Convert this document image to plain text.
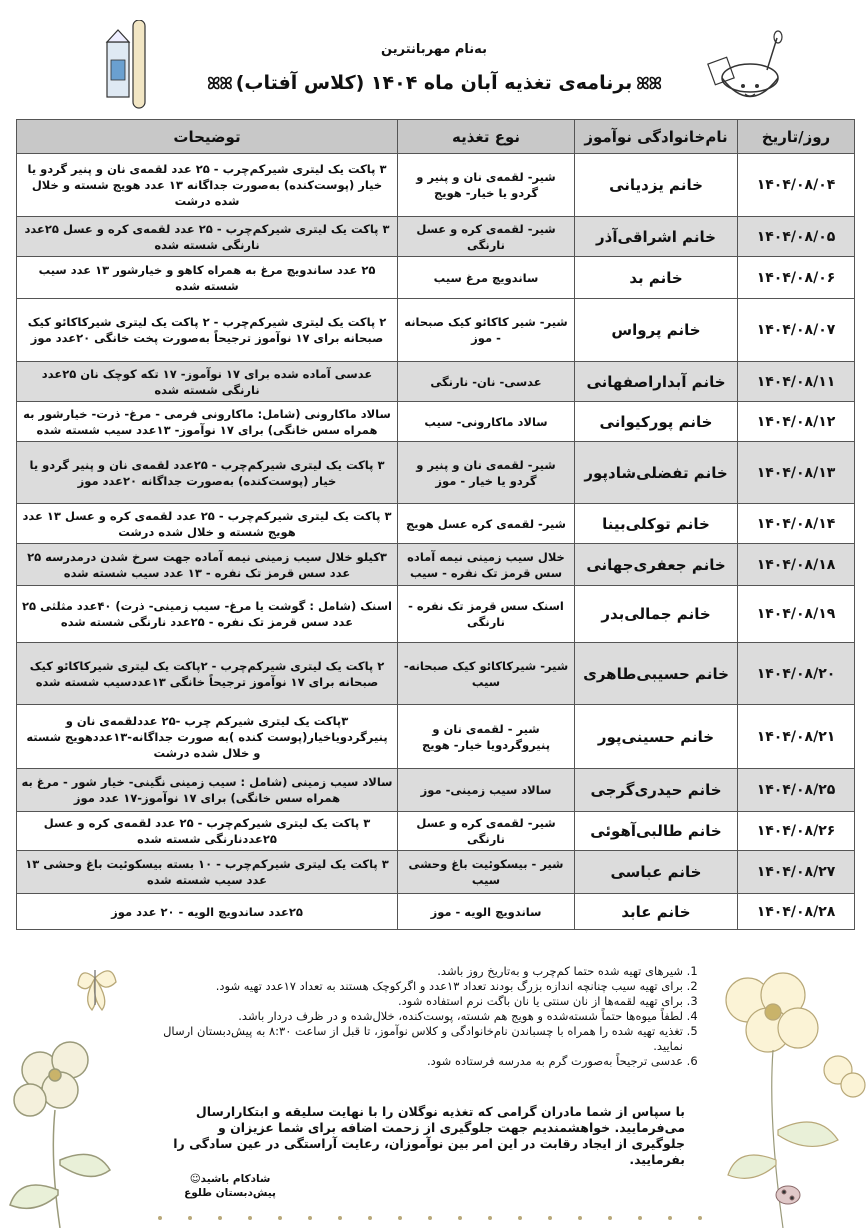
به‌نام مهربانترین
ꕤꕤبرنامه‌ی تغذیه آبان ماه ۱۴۰۴ (کلاس آفتاب)ꕤꕤ
روز/تاریخ	نام‌خانوادگی نوآموز	نوع تغذیه	توضیحات
۱۴۰۴/۰۸/۰۴	خانم یزدیانی	شیر- لقمه‌ی نان و پنیر و گردو یا خیار- هویج	۳ پاکت یک لیتری شیرکم‌چرب - ۲۵ عدد لقمه‌ی نان و پنیر گردو یا خیار (پوست‌کنده) به‌صورت جداگانه ۱۳ عدد هویج شسته و خلال شده درشت
۱۴۰۴/۰۸/۰۵	خانم اشراقی‌آذر	شیر- لقمه‌ی کره و عسل نارنگی	۳ پاکت یک لیتری شیرکم‌چرب - ۲۵ عدد لقمه‌ی کره و عسل ۲۵عدد نارنگی شسته شده
۱۴۰۴/۰۸/۰۶	خانم بد	ساندویچ مرغ سیب	۲۵ عدد ساندویچ مرغ به همراه کاهو و خیارشور ۱۳ عدد سیب شسته شده
۱۴۰۴/۰۸/۰۷	خانم پرواس	شیر- شیر کاکائو کیک صبحانه - موز	۲ پاکت یک لیتری شیرکم‌چرب - ۲ پاکت یک لیتری شیرکاکائو کیک صبحانه برای ۱۷ نوآموز ترجیحاً به‌صورت پخت خانگی ۲۰عدد موز
۱۴۰۴/۰۸/۱۱	خانم آبداراصفهانی	عدسی- نان- نارنگی	عدسی آماده شده برای ۱۷ نوآموز- ۱۷ تکه کوچک نان ۲۵عدد نارنگی شسته شده
۱۴۰۴/۰۸/۱۲	خانم پورکیوانی	سالاد ماکارونی- سیب	سالاد ماکارونی (شامل: ماکارونی فرمی - مرغ- ذرت- خیارشور به همراه سس خانگی) برای ۱۷ نوآموز- ۱۳عدد سیب شسته شده
۱۴۰۴/۰۸/۱۳	خانم تفضلی‌شادپور	شیر- لقمه‌ی نان و پنیر و گردو یا خیار - موز	۳ پاکت یک لیتری شیرکم‌چرب - ۲۵عدد لقمه‌ی نان و پنیر گردو یا خیار (پوست‌کنده) به‌صورت جداگانه ۲۰عدد موز
۱۴۰۴/۰۸/۱۴	خانم توکلی‌بینا	شیر- لقمه‌ی کره عسل هویج	۳ پاکت یک لیتری شیرکم‌چرب - ۲۵ عدد لقمه‌ی کره و عسل ۱۳ عدد هویج شسته و خلال شده درشت
۱۴۰۴/۰۸/۱۸	خانم جعفری‌جهانی	خلال سیب زمینی نیمه آماده سس قرمز تک نفره - سیب	۳کیلو خلال سیب زمینی نیمه آماده جهت سرخ شدن درمدرسه ۲۵ عدد سس قرمز تک نفره - ۱۳ عدد سیب شسته شده
۱۴۰۴/۰۸/۱۹	خانم جمالی‌بدر	اسنک سس قرمز تک نفره - نارنگی	اسنک (شامل : گوشت یا مرغ- سیب زمینی- ذرت) ۴۰عدد مثلثی ۲۵ عدد سس قرمز تک نفره - ۲۵عدد نارنگی شسته شده
۱۴۰۴/۰۸/۲۰	خانم حسیبی‌طاهری	شیر- شیرکاکائو کیک صبحانه- سیب	۲ پاکت یک لیتری شیرکم‌چرب - ۲پاکت یک لیتری شیرکاکائو کیک صبحانه برای ۱۷ نوآموز ترجیحاً خانگی ۱۳عددسیب شسته شده
۱۴۰۴/۰۸/۲۱	خانم حسینی‌پور	شیر - لقمه‌ی نان و پنیروگردویا خیار- هویج	۳پاکت یک لیتری شیرکم چرب -۲۵ عددلقمه‌ی نان و پنیرگردویاخیار(پوست کنده )به صورت جداگانه-۱۳عددهویج شسته و خلال شده درشت
۱۴۰۴/۰۸/۲۵	خانم حیدری‌گرجی	سالاد سیب زمینی- موز	سالاد سیب زمینی (شامل : سیب زمینی نگینی- خیار شور - مرغ به همراه سس خانگی) برای ۱۷ نوآموز-۱۷ عدد موز
۱۴۰۴/۰۸/۲۶	خانم طالبی‌آهوئی	شیر- لقمه‌ی کره و عسل نارنگی	۳ پاکت یک لیتری شیرکم‌چرب - ۲۵ عدد لقمه‌ی کره و عسل ۲۵عددنارنگی شسته شده
۱۴۰۴/۰۸/۲۷	خانم عباسی	شیر - بیسکوئیت باغ وحشی سیب	۳ پاکت یک لیتری شیرکم‌چرب - ۱۰ بسته بیسکوئیت باغ وحشی ۱۳ عدد سیب شسته شده
۱۴۰۴/۰۸/۲۸	خانم عابد	ساندویچ الویه - موز	۲۵عدد ساندویچ الویه - ۲۰ عدد موز
1. شیرهای تهیه شده حتما کم‌چرب و به‌تاریخ روز باشد.
2. برای تهیه سیب چنانچه اندازه بزرگ بودند تعداد ۱۳عدد و اگرکوچک هستند به تعداد ۱۷عدد تهیه شود.
3. برای تهیه لقمه‌ها از نان سنتی یا نان باگت نرم استفاده شود.
4. لطفاً میوه‌ها حتماً شسته‌شده و هویج هم شسته، پوست‌کنده، خلال‌شده و در ظرف دردار باشد.
5. تغذیه تهیه شده را همراه با چسباندن نام‌خانوادگی و کلاس نوآموز، تا قبل از ساعت ۸:۳۰ به پیش‌دبستان ارسال نمایید.
6. عدسی ترجیحاً به‌صورت گرم به مدرسه فرستاده شود.
با سپاس از شما مادران گرامی که تغذیه نوگلان را با نهایت سلیقه و ابتکارارسال می‌فرمایید. خواهشمندیم جهت جلوگیری از زحمت اضافه برای شما عزیزان و جلوگیری از ایجاد رقابت در این امر بین نوآموزان، رعایت آراستگی در عین سادگی را بفرمایید.
شادکام باشید☺
پیش‌دبستان طلوع
